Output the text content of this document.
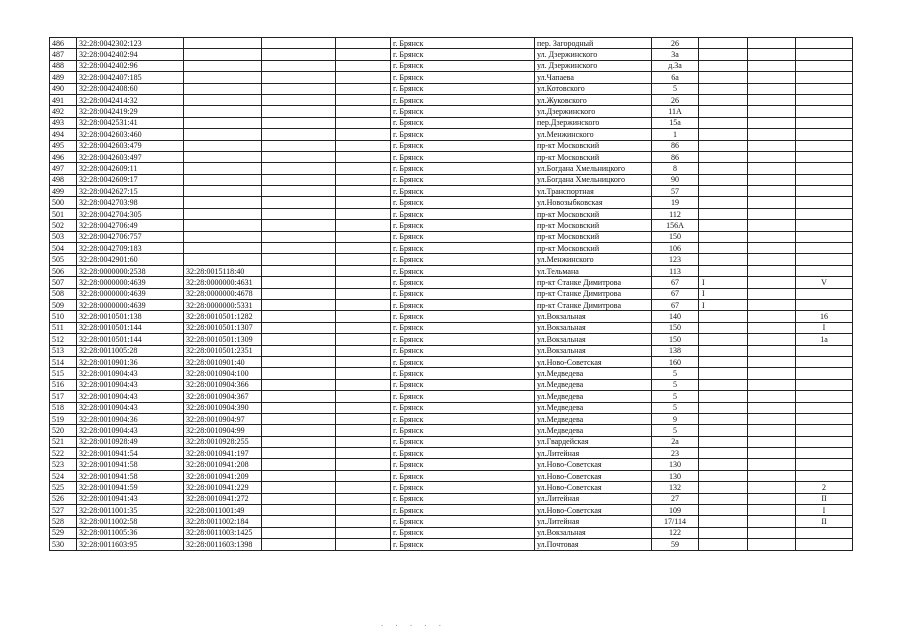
486	32:28:0042302:123				г. Брянск	пер. Загородный	26			
487	32:28:0042402:94				г. Брянск	ул. Дзержинского	3а			
488	32:28:0042402:96				г. Брянск	ул. Дзержинского	д.3а			
489	32:28:0042407:185				г. Брянск	ул.Чапаева	6а			
490	32:28:0042408:60				г. Брянск	ул.Котовского	5			
491	32:28:0042414:32				г. Брянск	ул.Жуковского	26			
492	32:28:0042419:29				г. Брянск	ул.Дзержинского	11А			
493	32:28:0042531:41				г. Брянск	пер.Дзержинского	15а			
494	32:28:0042603:460				г. Брянск	ул.Менжинского	1			
495	32:28:0042603:479				г. Брянск	пр-кт Московский	86			
496	32:28:0042603:497				г. Брянск	пр-кт Московский	86			
497	32:28:0042609:11				г. Брянск	ул.Богдана Хмельницкого	8			
498	32:28:0042609:17				г. Брянск	ул.Богдана Хмельницкого	90			
499	32:28:0042627:15				г. Брянск	ул.Транспортная	57			
500	32:28:0042703:98				г. Брянск	ул.Новозыбковская	19			
501	32:28:0042704:305				г. Брянск	пр-кт Московский	112			
502	32:28:0042706:49				г. Брянск	пр-кт Московский	156А			
503	32:28:0042706:757				г. Брянск	пр-кт Московский	150			
504	32:28:0042709:183				г. Брянск	пр-кт Московский	106			
505	32:28:0042901:60				г. Брянск	ул.Менжинского	123			
506	32:28:0000000:2538	32:28:0015118:40			г. Брянск	ул.Тельмана	113			
507	32:28:0000000:4639	32:28:0000000:4631			г. Брянск	пр-кт Станке Димитрова	67	I		V
508	32:28:0000000:4639	32:28:0000000:4678			г. Брянск	пр-кт Станке Димитрова	67	I		
509	32:28:0000000:4639	32:28:0000000:5331			г. Брянск	пр-кт Станке Димитрова	67	I		
510	32:28:0010501:138	32:28:0010501:1282			г. Брянск	ул.Вокзальная	140			16
511	32:28:0010501:144	32:28:0010501:1307			г. Брянск	ул.Вокзальная	150			I
512	32:28:0010501:144	32:28:0010501:1309			г. Брянск	ул.Вокзальная	150			1а
513	32:28:0011005:28	32:28:0010501:2351			г. Брянск	ул.Вокзальная	138			
514	32:28:0010901:36	32:28:0010901:40			г. Брянск	ул.Ново-Советская	160			
515	32:28:0010904:43	32:28:0010904:100			г. Брянск	ул.Медведева	5			
516	32:28:0010904:43	32:28:0010904:366			г. Брянск	ул.Медведева	5			
517	32:28:0010904:43	32:28:0010904:367			г. Брянск	ул.Медведева	5			
518	32:28:0010904:43	32:28:0010904:390			г. Брянск	ул.Медведева	5			
519	32:28:0010904:36	32:28:0010904:97			г. Брянск	ул.Медведева	9			
520	32:28:0010904:43	32:28:0010904:99			г. Брянск	ул.Медведева	5			
521	32:28:0010928:49	32:28:0010928:255			г. Брянск	ул.Гвардейская	2а			
522	32:28:0010941:54	32:28:0010941:197			г. Брянск	ул.Литейная	23			
523	32:28:0010941:58	32:28:0010941:208			г. Брянск	ул.Ново-Советская	130			
524	32:28:0010941:58	32:28:0010941:209			г. Брянск	ул.Ново-Советская	130			
525	32:28:0010941:59	32:28:0010941:229			г. Брянск	ул.Ново-Советская	132			2
526	32:28:0010941:43	32:28:0010941:272			г. Брянск	ул.Литейная	27			II
527	32:28:0011001:35	32:28:0011001:49			г. Брянск	ул.Ново-Советская	109			I
528	32:28:0011002:58	32:28:0011002:184			г. Брянск	ул.Литейная	17/114			II
529	32:28:0011005:36	32:28:0011003:1425			г. Брянск	ул.Вокзальная	122			
530	32:28:0011603:95	32:28:0011603:1398			г. Брянск	ул.Почтовая	59			
· · · · ·
